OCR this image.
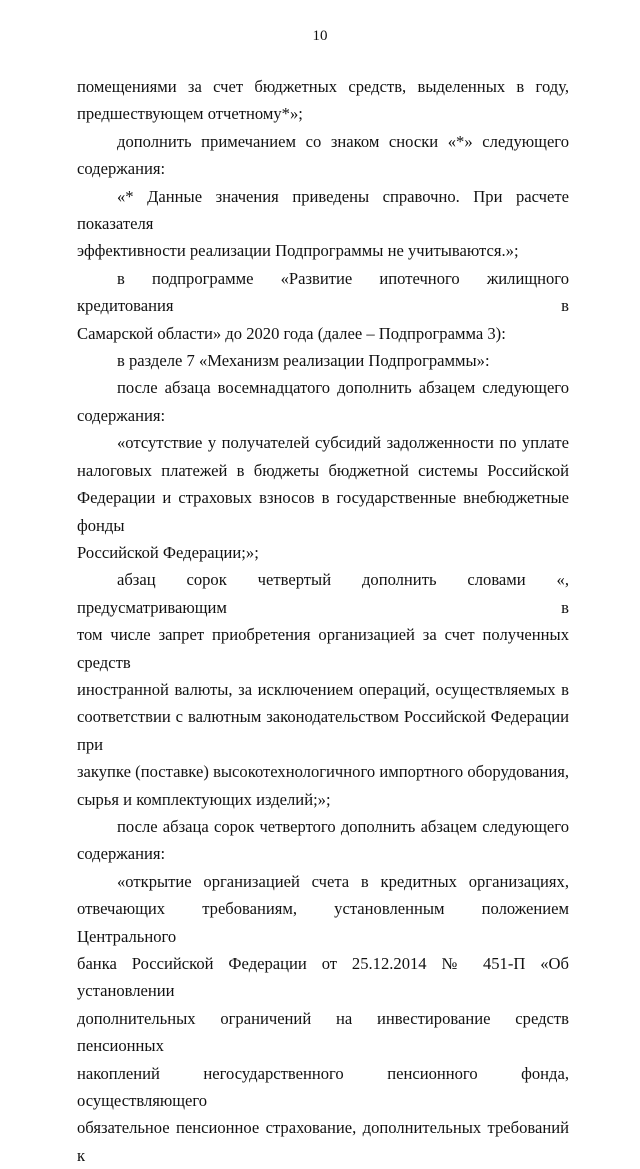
10
помещениями за счет бюджетных средств, выделенных в году,
предшествующем отчетному*»;
дополнить примечанием со знаком сноски «*» следующего
содержания:
«* Данные значения приведены справочно. При расчете показателя
эффективности реализации Подпрограммы не учитываются.»;
в подпрограмме «Развитие ипотечного жилищного кредитования в
Самарской области» до 2020 года (далее – Подпрограмма 3):
в разделе 7 «Механизм реализации Подпрограммы»:
после абзаца восемнадцатого дополнить абзацем следующего
содержания:
«отсутствие у получателей субсидий задолженности по уплате
налоговых платежей в бюджеты бюджетной системы Российской
Федерации и страховых взносов в государственные внебюджетные фонды
Российской Федерации;»;
абзац сорок четвертый дополнить словами «, предусматривающим в
том числе запрет приобретения организацией за счет полученных средств
иностранной валюты, за исключением операций, осуществляемых в
соответствии с валютным законодательством Российской Федерации при
закупке (поставке) высокотехнологичного импортного оборудования,
сырья и комплектующих изделий;»;
после абзаца сорок четвертого дополнить абзацем следующего
содержания:
«открытие организацией счета в кредитных организациях,
отвечающих требованиям, установленным положением Центрального
банка Российской Федерации от 25.12.2014 № 451-П «Об установлении
дополнительных ограничений на инвестирование средств пенсионных
накоплений негосударственного пенсионного фонда, осуществляющего
обязательное пенсионное страхование, дополнительных требований к
